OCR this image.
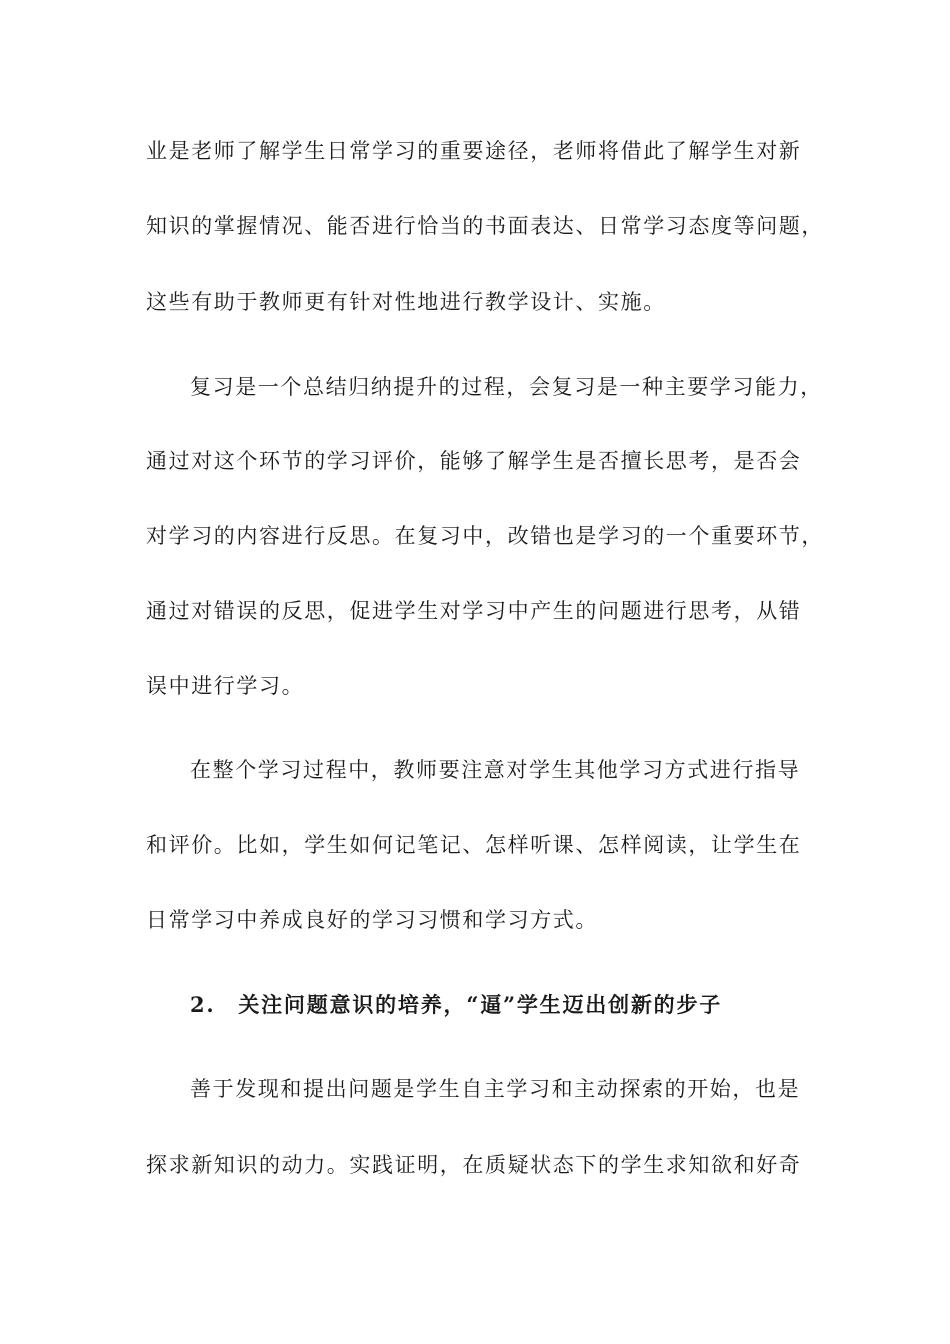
业是老师了解学生日常学习的重要途径，老师将借此了解学生对新
知识的掌握情况、能否进行恰当的书面表达、日常学习态度等问题，
这些有助于教师更有针对性地进行教学设计、实施。
复习是一个总结归纳提升的过程，会复习是一种主要学习能力，
通过对这个环节的学习评价，能够了解学生是否擅长思考，是否会
对学习的内容进行反思。在复习中，改错也是学习的一个重要环节，
通过对错误的反思，促进学生对学习中产生的问题进行思考，从错
误中进行学习。
在整个学习过程中，教师要注意对学生其他学习方式进行指导
和评价。比如，学生如何记笔记、怎样听课、怎样阅读，让学生在
日常学习中养成良好的学习习惯和学习方式。
2.　关注问题意识的培养，“逼”学生迈出创新的步子
善于发现和提出问题是学生自主学习和主动探索的开始，也是
探求新知识的动力。实践证明，在质疑状态下的学生求知欲和好奇
